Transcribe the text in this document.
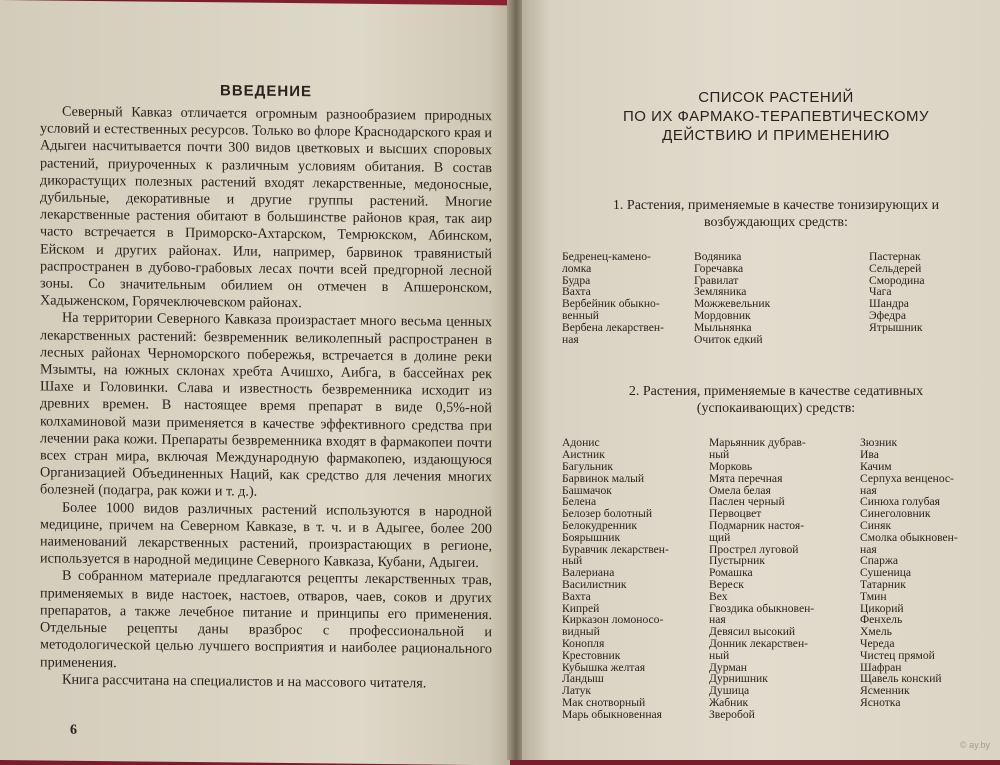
ВВЕДЕНИЕ

Северный Кавказ отличается огромным разнообразием природных условий и естественных ресурсов. Только во флоре Краснодарского края и Адыгеи насчитывается почти 300 видов цветковых и высших споровых растений, приуроченных к различным условиям обитания. В состав дикорастущих полезных растений входят лекарственные, медоносные, дубильные, декоративные и другие группы растений. Многие лекарственные растения обитают в большинстве районов края, так аир часто встречается в Приморско-Ахтарском, Темрюкском, Абинском, Ейском и других районах. Или, например, барвинок травянистый распространен в дубово-грабовых лесах почти всей предгорной лесной зоны. Со значительным обилием он отмечен в Апшеронском, Хадыженском, Горячеключевском районах.

На территории Северного Кавказа произрастает много весьма ценных лекарственных растений: безвременник великолепный распространен в лесных районах Черноморского побережья, встречается в долине реки Мзымты, на южных склонах хребта Ачишхо, Аибга, в бассейнах рек Шахе и Головинки. Слава и известность безвременника исходит из древних времен. В настоящее время препарат в виде 0,5%-ной колхаминовой мази применяется в качестве эффективного средства при лечении рака кожи. Препараты безвременника входят в фармакопеи почти всех стран мира, включая Международную фармакопею, издающуюся Организацией Объединенных Наций, как средство для лечения многих болезней (подагра, рак кожи и т. д.).

Более 1000 видов различных растений используются в народной медицине, причем на Северном Кавказе, в т. ч. и в Адыгее, более 200 наименований лекарственных растений, произрастающих в регионе, используется в народной медицине Северного Кавказа, Кубани, Адыгеи.

В собранном материале предлагаются рецепты лекарственных трав, применяемых в виде настоек, настоев, отваров, чаев, соков и других препаратов, а также лечебное питание и принципы его применения. Отдельные рецепты даны вразброс с профессиональной и методологической целью лучшего восприятия и наиболее рационального применения.

Книга рассчитана на специалистов и на массового читателя.

6
СПИСОК РАСТЕНИЙ
ПО ИХ ФАРМАКО-ТЕРАПЕВТИЧЕСКОМУ
ДЕЙСТВИЮ И ПРИМЕНЕНИЮ
1. Растения, применяемые в качестве тонизирующих и
возбуждающих средств:
Бедренец-камено-
ломка
Будра
Вахта
Вербейник обыкно-
венный
Вербена лекарствен-
ная
Водяника
Горечавка
Гравилат
Земляника
Можжевельник
Мордовник
Мыльнянка
Очиток едкий
Пастернак
Сельдерей
Смородина
Чага
Шандра
Эфедра
Ятрышник
2. Растения, применяемые в качестве седативных
(успокаивающих) средств:
Адонис
Аистник
Багульник
Барвинок малый
Башмачок
Белена
Белозер болотный
Белокудренник
Боярышник
Буравчик лекарствен-
ный
Валериана
Василистник
Вахта
Кипрей
Кирказон ломоносо-
видный
Конопля
Крестовник
Кубышка желтая
Ландыш
Латук
Мак снотворный
Марь обыкновенная
Марьянник дубрав-
ный
Морковь
Мята перечная
Омела белая
Паслен черный
Первоцвет
Подмарник настоя-
щий
Прострел луговой
Пустырник
Ромашка
Вереск
Вех
Гвоздика обыкновен-
ная
Девясил высокий
Донник лекарствен-
ный
Дурман
Дурнишник
Душица
Жабник
Зверобой
Зюзник
Ива
Качим
Серпуха венценос-
ная
Синюха голубая
Синеголовник
Синяк
Смолка обыкновен-
ная
Спаржа
Сушеница
Татарник
Тмин
Цикорий
Фенхель
Хмель
Череда
Чистец прямой
Шафран
Щавель конский
Ясменник
Ясноткa
© ay.by
